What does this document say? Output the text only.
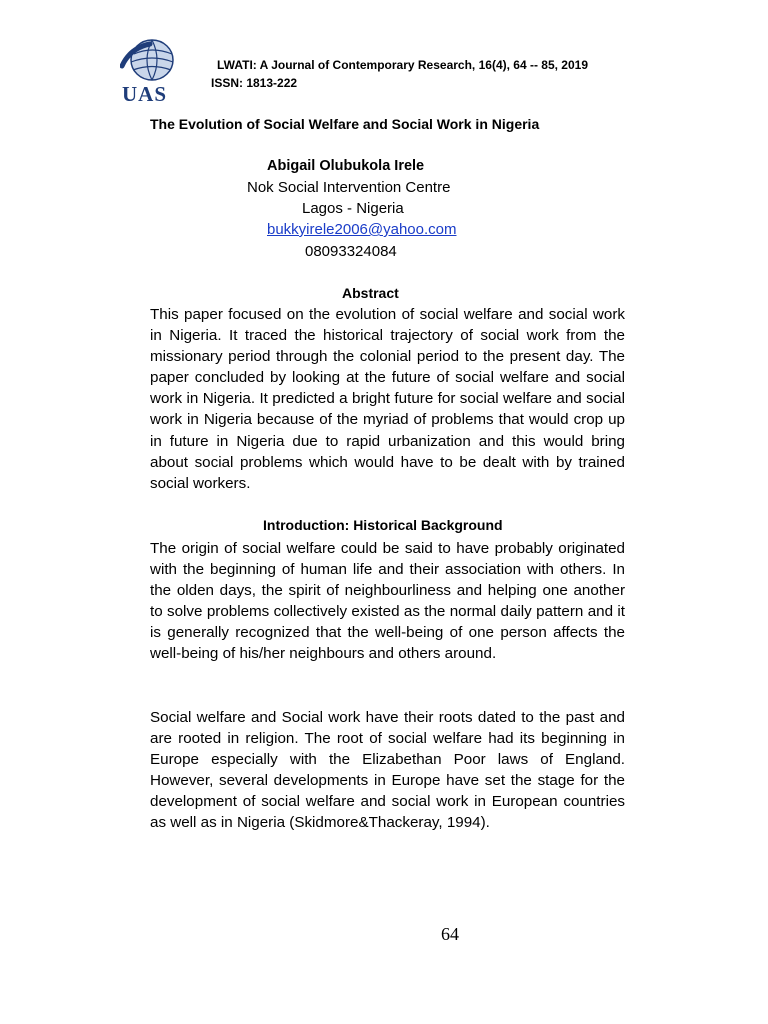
UAS
LWATI: A Journal of Contemporary Research, 16(4), 64 -- 85, 2019
ISSN: 1813-222
The Evolution of Social Welfare and Social Work in Nigeria
Abigail Olubukola Irele
Nok Social Intervention Centre
Lagos - Nigeria
bukkyirele2006@yahoo.com
08093324084
Abstract

This paper focused on the evolution of social welfare and social work in Nigeria. It traced the historical trajectory of social work from the missionary period through the colonial period to the present day. The paper concluded by looking at the future of social welfare and social work in Nigeria. It predicted a bright future for social welfare and social work in Nigeria because of the myriad of problems that would crop up in future in Nigeria due to rapid urbanization and this would bring about social problems which would have to be dealt with by trained social workers.

Introduction: Historical Background

The origin of social welfare could be said to have probably originated with the beginning of human life and their association with others. In the olden days, the spirit of neighbourliness and helping one another to solve problems collectively existed as the normal daily pattern and it is generally recognized that the well-being of one person affects the well-being of his/her neighbours and others around.

Social welfare and Social work have their roots dated to the past and are rooted in religion. The root of social welfare had its beginning in Europe especially with the Elizabethan Poor laws of England. However, several developments in Europe have set the stage for the development of social welfare and social work in European countries as well as in Nigeria (Skidmore&Thackeray, 1994).

64
